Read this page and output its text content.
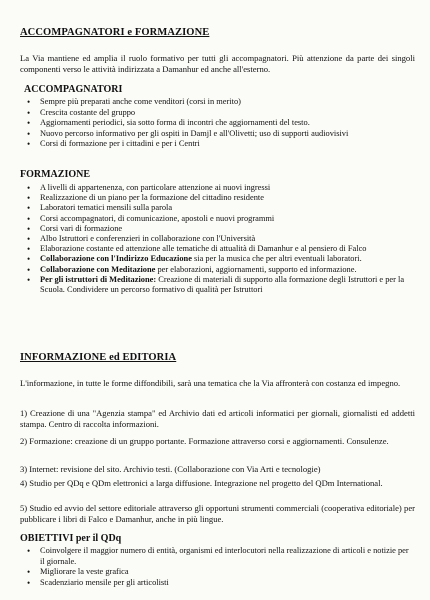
ACCOMPAGNATORI e FORMAZIONE
La Via mantiene ed amplia il ruolo formativo per tutti gli accompagnatori. Più attenzione da parte dei singoli componenti verso le attività indirizzata a Damanhur ed anche all'esterno.
ACCOMPAGNATORI
• Sempre più preparati anche come venditori (corsi in merito)
• Crescita costante del gruppo
• Aggiornamenti periodici, sia sotto forma di incontri che aggiornamenti del testo.
• Nuovo percorso informativo per gli ospiti in Damjl e all'Olivetti; uso di supporti audiovisivi
• Corsi di formazione per i cittadini e per i Centri
FORMAZIONE
• A livelli di appartenenza, con particolare attenzione ai nuovi ingressi
• Realizzazione di un piano per la formazione del cittadino residente
• Laboratori tematici mensili sulla parola
• Corsi accompagnatori, di comunicazione, apostoli e nuovi programmi
• Corsi vari di formazione
• Albo Istruttori e conferenzieri in collaborazione con l'Università
• Elaborazione costante ed attenzione alle tematiche di attualità di Damanhur e al pensiero di Falco
• Collaborazione con l'Indirizzo Educazione sia per la musica che per altri eventuali laboratori.
• Collaborazione con Meditazione per elaborazioni, aggiornamenti, supporto ed informazione.
• Per gli istruttori di Meditazione: Creazione di materiali di supporto alla formazione degli Istruttori e per la Scuola. Condividere un percorso formativo di qualità per Istruttori
INFORMAZIONE ed EDITORIA
L'informazione, in tutte le forme diffondibili, sarà una tematica che la Via affronterà con costanza ed impegno.
1) Creazione di una "Agenzia stampa" ed Archivio dati ed articoli informatici per giornali, giornalisti ed addetti stampa. Centro di raccolta informazioni.
2) Formazione: creazione di un gruppo portante. Formazione attraverso corsi e aggiornamenti. Consulenze.
3) Internet: revisione del sito. Archivio testi. (Collaborazione con Via Arti e tecnologie)
4) Studio per QDq e QDm elettronici a larga diffusione. Integrazione nel progetto del QDm International.
5) Studio ed avvio del settore editoriale attraverso gli opportuni strumenti commerciali (cooperativa editoriale) per pubblicare i libri di Falco e Damanhur, anche in più lingue.
OBIETTIVI per il QDq
• Coinvolgere il maggior numero di entità, organismi ed interlocutori nella realizzazione di articoli e notizie per il giornale.
• Migliorare la veste grafica
• Scadenziario mensile per gli articolisti
